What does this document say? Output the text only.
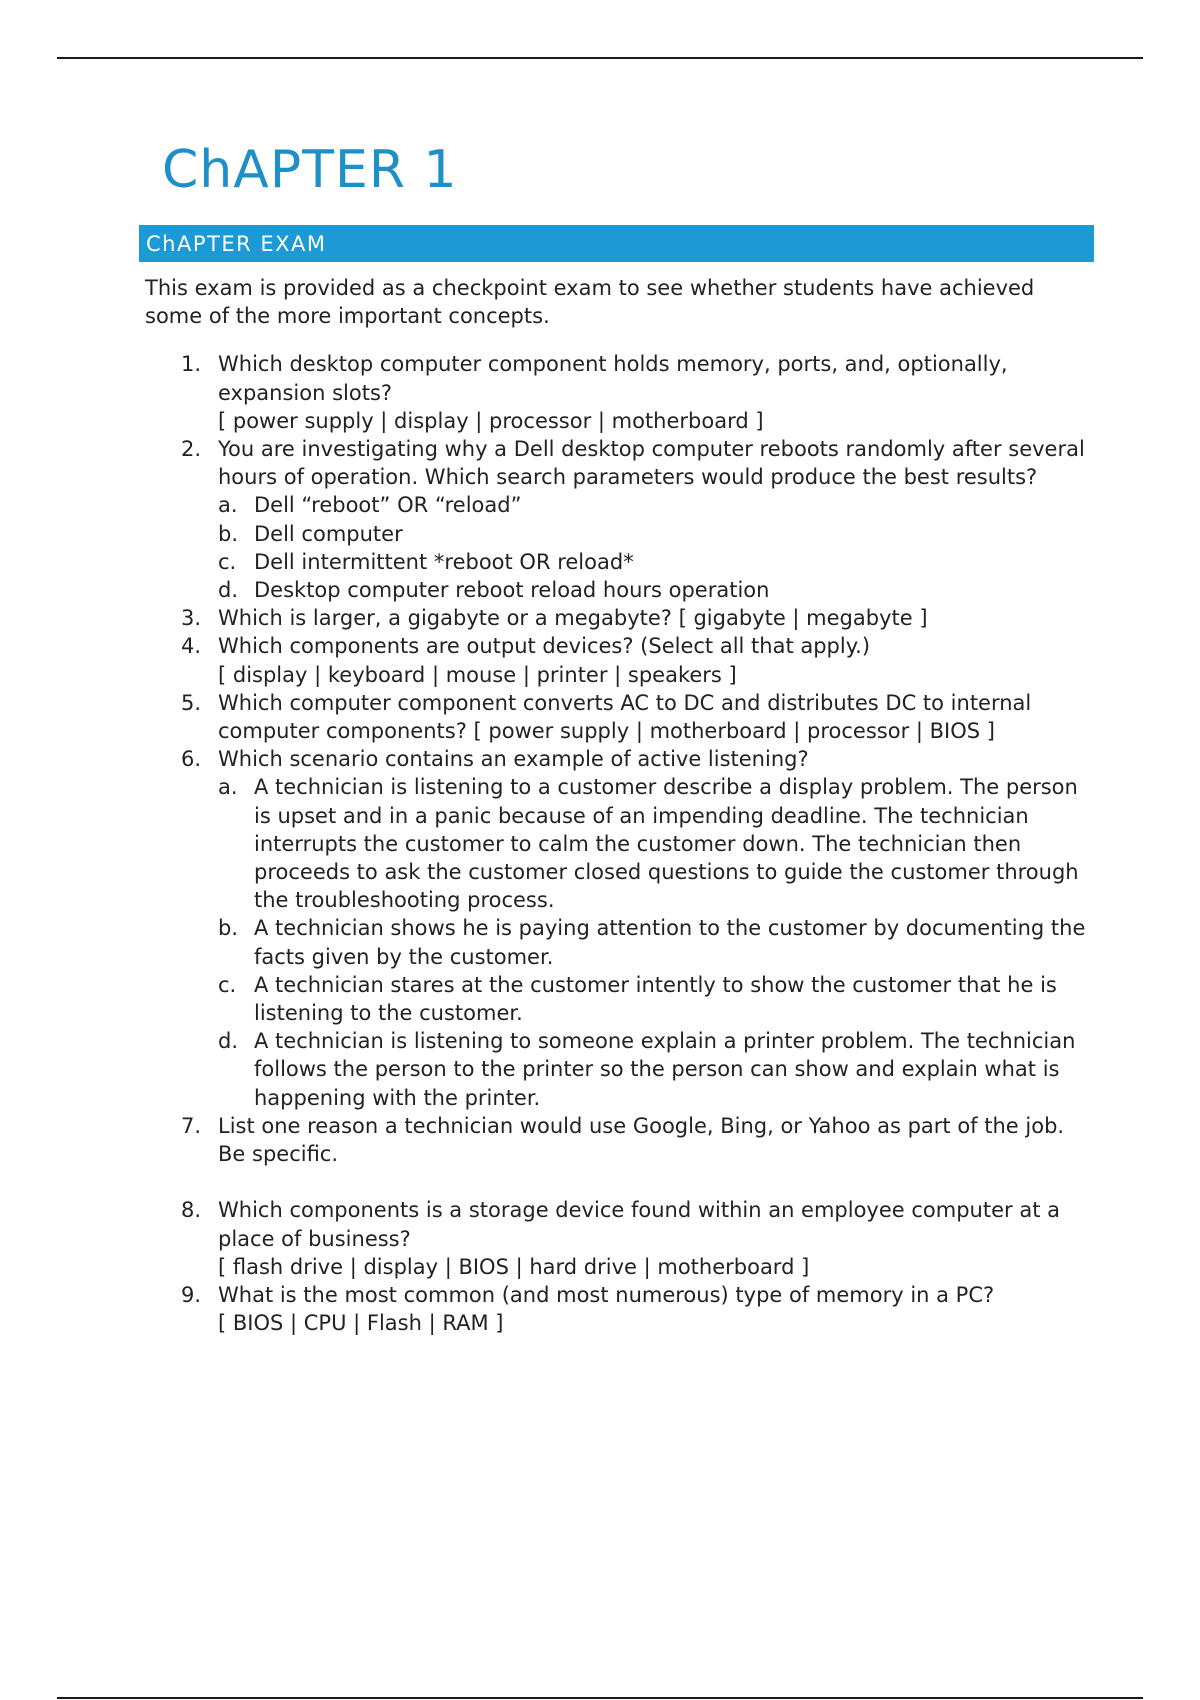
ChAPTER 1
ChAPTER EXAM

This exam is provided as a checkpoint exam to see whether students have achieved some of the more important concepts.

1. Which desktop computer component holds memory, ports, and, optionally, expansion slots?
[ power supply | display | processor | motherboard ]
2. You are investigating why a Dell desktop computer reboots randomly after several hours of operation. Which search parameters would produce the best results?
a. Dell “reboot” OR “reload”
b. Dell computer
c. Dell intermittent *reboot OR reload*
d. Desktop computer reboot reload hours operation
3. Which is larger, a gigabyte or a megabyte? [ gigabyte | megabyte ]
4. Which components are output devices? (Select all that apply.)
[ display | keyboard | mouse | printer | speakers ]
5. Which computer component converts AC to DC and distributes DC to internal computer components? [ power supply | motherboard | processor | BIOS ]
6. Which scenario contains an example of active listening?
a. A technician is listening to a customer describe a display problem. The person is upset and in a panic because of an impending deadline. The technician interrupts the customer to calm the customer down. The technician then proceeds to ask the customer closed questions to guide the customer through the troubleshooting process.
b. A technician shows he is paying attention to the customer by documenting the facts given by the customer.
c. A technician stares at the customer intently to show the customer that he is listening to the customer.
d. A technician is listening to someone explain a printer problem. The technician follows the person to the printer so the person can show and explain what is happening with the printer.
7. List one reason a technician would use Google, Bing, or Yahoo as part of the job. Be specific.
8. Which components is a storage device found within an employee computer at a place of business?
[ flash drive | display | BIOS | hard drive | motherboard ]
9. What is the most common (and most numerous) type of memory in a PC?
[ BIOS | CPU | Flash | RAM ]
